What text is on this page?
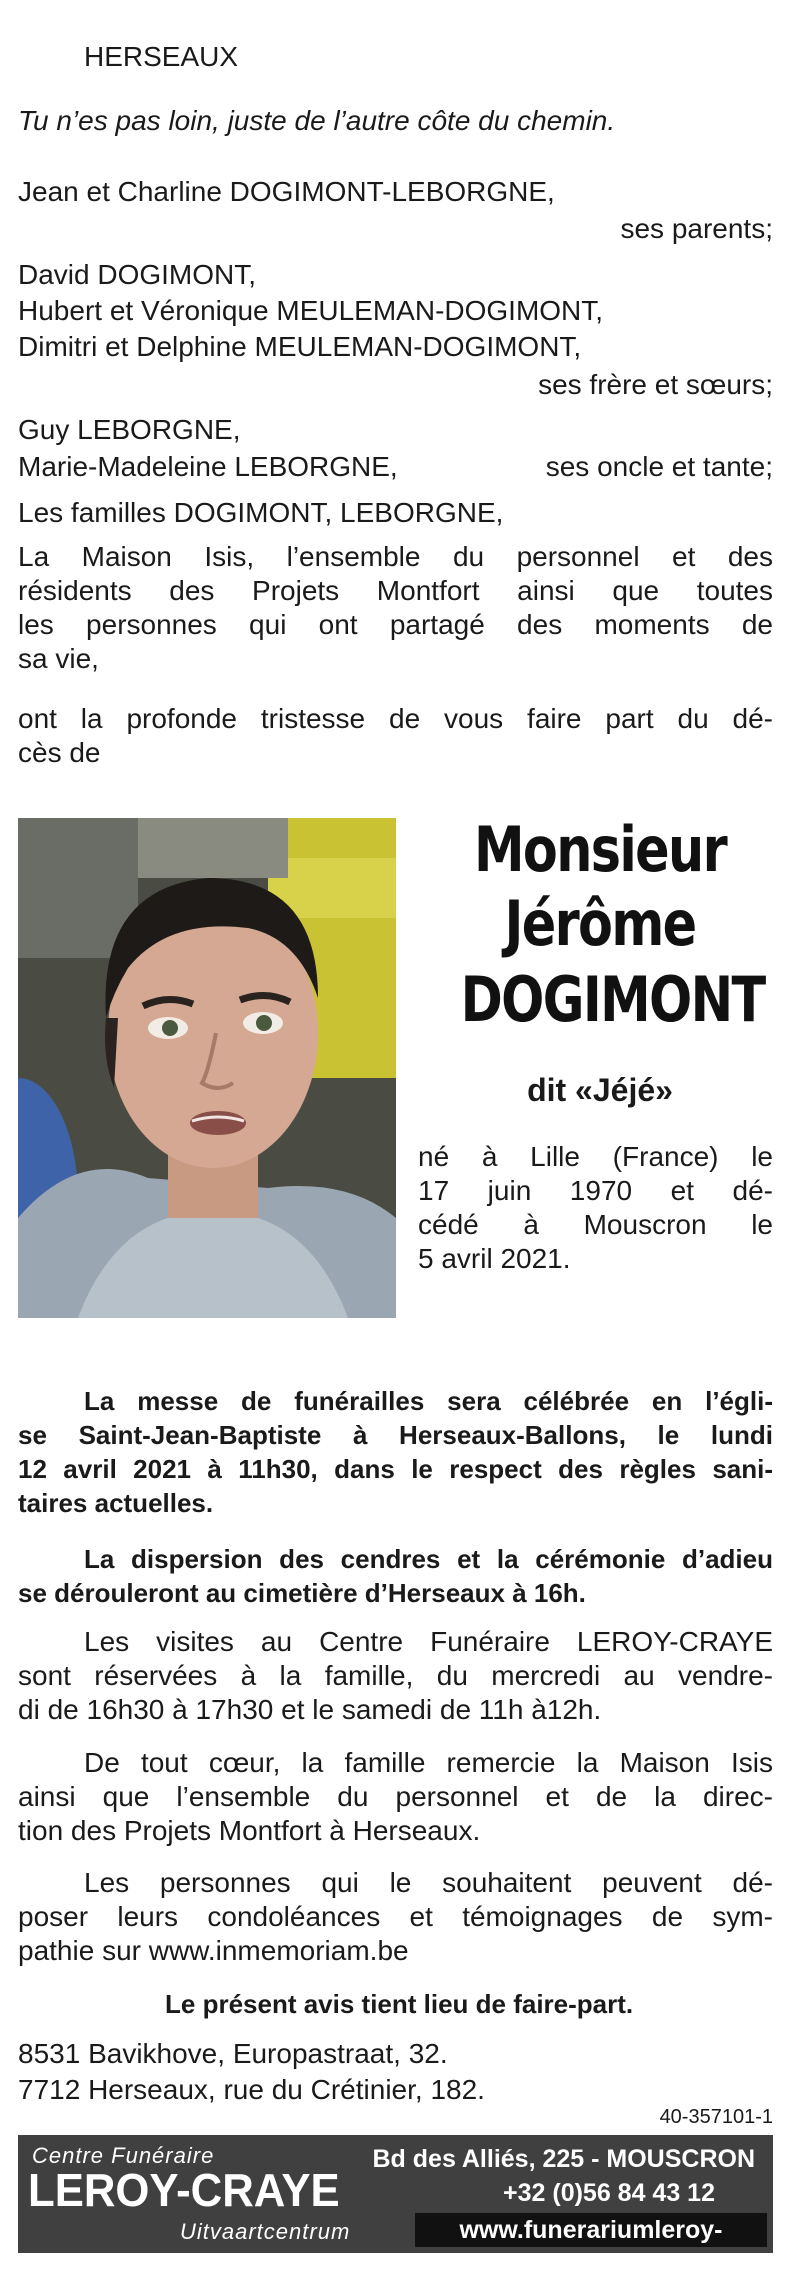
HERSEAUX

Tu n’es pas loin, juste de l’autre côte du chemin.

Jean et Charline DOGIMONT-LEBORGNE,

ses parents;

David DOGIMONT,

Hubert et Véronique MEULEMAN-DOGIMONT,

Dimitri et Delphine MEULEMAN-DOGIMONT,

ses frère et sœurs;

Guy LEBORGNE,

Marie-Madeleine LEBORGNE,	ses oncle et tante;

Les familles DOGIMONT, LEBORGNE,

La Maison Isis, l’ensemble du personnel et des
résidents des Projets Montfort ainsi que toutes
les personnes qui ont partagé des moments de
sa vie,
ont la profonde tristesse de vous faire part du dé-
cès de
Monsieur
Jérôme
DOGIMONT
dit «Jéjé»
né à Lille (France) le
17 juin 1970 et dé-
cédé à Mouscron le
5 avril 2021.
La messe de funérailles sera célébrée en l’égli-
se Saint-Jean-Baptiste à Herseaux-Ballons, le lundi
12 avril 2021 à 11h30, dans le respect des règles sani-
taires actuelles.
La dispersion des cendres et la cérémonie d’adieu
se dérouleront au cimetière d’Herseaux à 16h.
Les visites au Centre Funéraire LEROY-CRAYE
sont réservées à la famille, du mercredi au vendre-
di de 16h30 à 17h30 et le samedi de 11h à12h.
De tout cœur, la famille remercie la Maison Isis
ainsi que l’ensemble du personnel et de la direc-
tion des Projets Montfort à Herseaux.
Les personnes qui le souhaitent peuvent dé-
poser leurs condoléances et témoignages de sym-
pathie sur www.inmemoriam.be

Le présent avis tient lieu de faire-part.

8531 Bavikhove, Europastraat, 32.

7712 Herseaux, rue du Crétinier, 182.

40-357101-1

Centre Funéraire
LEROY-CRAYE
Uitvaartcentrum
Bd des Alliés, 225 - MOUSCRON
+32 (0)56 84 43 12
www.funerariumleroy-craye.com
